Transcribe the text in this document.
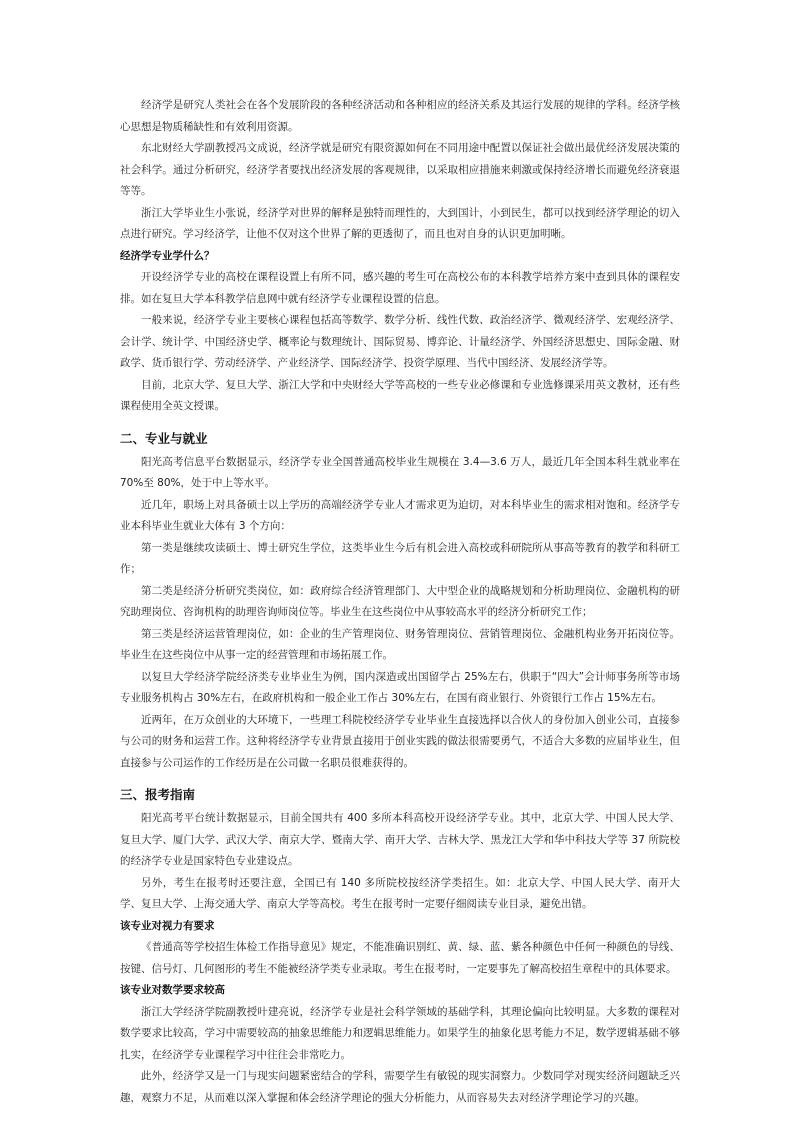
经济学是研究人类社会在各个发展阶段的各种经济活动和各种相应的经济关系及其运行发展的规律的学科。经济学核心思想是物质稀缺性和有效利用资源。

东北财经大学副教授冯文成说，经济学就是研究有限资源如何在不同用途中配置以保证社会做出最优经济发展决策的社会科学。通过分析研究，经济学者要找出经济发展的客观规律，以采取相应措施来刺激或保持经济增长而避免经济衰退等等。

浙江大学毕业生小张说，经济学对世界的解释是独特而理性的，大到国计，小到民生，都可以找到经济学理论的切入点进行研究。学习经济学，让他不仅对这个世界了解的更透彻了，而且也对自身的认识更加明晰。

经济学专业学什么？

开设经济学专业的高校在课程设置上有所不同，感兴趣的考生可在高校公布的本科教学培养方案中查到具体的课程安排。如在复旦大学本科教学信息网中就有经济学专业课程设置的信息。

一般来说，经济学专业主要核心课程包括高等数学、数学分析、线性代数、政治经济学、微观经济学、宏观经济学、会计学、统计学、中国经济史学、概率论与数理统计、国际贸易、博弈论、计量经济学、外国经济思想史、国际金融、财政学、货币银行学、劳动经济学、产业经济学、国际经济学、投资学原理、当代中国经济、发展经济学等。

目前，北京大学、复旦大学、浙江大学和中央财经大学等高校的一些专业必修课和专业选修课采用英文教材，还有些课程使用全英文授课。

二、专业与就业

阳光高考信息平台数据显示，经济学专业全国普通高校毕业生规模在 3.4—3.6 万人，最近几年全国本科生就业率在 70%至 80%，处于中上等水平。

近几年，职场上对具备硕士以上学历的高端经济学专业人才需求更为迫切，对本科毕业生的需求相对饱和。经济学专业本科毕业生就业大体有 3 个方向：

第一类是继续攻读硕士、博士研究生学位，这类毕业生今后有机会进入高校或科研院所从事高等教育的教学和科研工作；

第二类是经济分析研究类岗位，如：政府综合经济管理部门、大中型企业的战略规划和分析助理岗位、金融机构的研究助理岗位、咨询机构的助理咨询师岗位等。毕业生在这些岗位中从事较高水平的经济分析研究工作；

第三类是经济运营管理岗位，如：企业的生产管理岗位、财务管理岗位、营销管理岗位、金融机构业务开拓岗位等。毕业生在这些岗位中从事一定的经营管理和市场拓展工作。

以复旦大学经济学院经济类专业毕业生为例，国内深造或出国留学占 25%左右，供职于“四大”会计师事务所等市场专业服务机构占 30%左右，在政府机构和一般企业工作占 30%左右，在国有商业银行、外资银行工作占 15%左右。

近两年，在万众创业的大环境下，一些理工科院校经济学专业毕业生直接选择以合伙人的身份加入创业公司，直接参与公司的财务和运营工作。这种将经济学专业背景直接用于创业实践的做法很需要勇气，不适合大多数的应届毕业生，但直接参与公司运作的工作经历是在公司做一名职员很难获得的。

三、报考指南

阳光高考平台统计数据显示，目前全国共有 400 多所本科高校开设经济学专业。其中，北京大学、中国人民大学、复旦大学、厦门大学、武汉大学、南京大学、暨南大学、南开大学、吉林大学、黑龙江大学和华中科技大学等 37 所院校的经济学专业是国家特色专业建设点。

另外，考生在报考时还要注意，全国已有 140 多所院校按经济学类招生。如：北京大学、中国人民大学、南开大学、复旦大学、上海交通大学、南京大学等高校。考生在报考时一定要仔细阅读专业目录，避免出错。

该专业对视力有要求

《普通高等学校招生体检工作指导意见》规定，不能准确识别红、黄、绿、蓝、紫各种颜色中任何一种颜色的导线、按键、信号灯、几何图形的考生不能被经济学类专业录取。考生在报考时，一定要事先了解高校招生章程中的具体要求。

该专业对数学要求较高

浙江大学经济学院副教授叶建亮说，经济学专业是社会科学领域的基础学科，其理论偏向比较明显。大多数的课程对数学要求比较高，学习中需要较高的抽象思维能力和逻辑思维能力。如果学生的抽象化思考能力不足，数学逻辑基础不够扎实，在经济学专业课程学习中往往会非常吃力。

此外，经济学又是一门与现实问题紧密结合的学科，需要学生有敏锐的现实洞察力。少数同学对现实经济问题缺乏兴趣，观察力不足，从而难以深入掌握和体会经济学理论的强大分析能力，从而容易失去对经济学理论学习的兴趣。
